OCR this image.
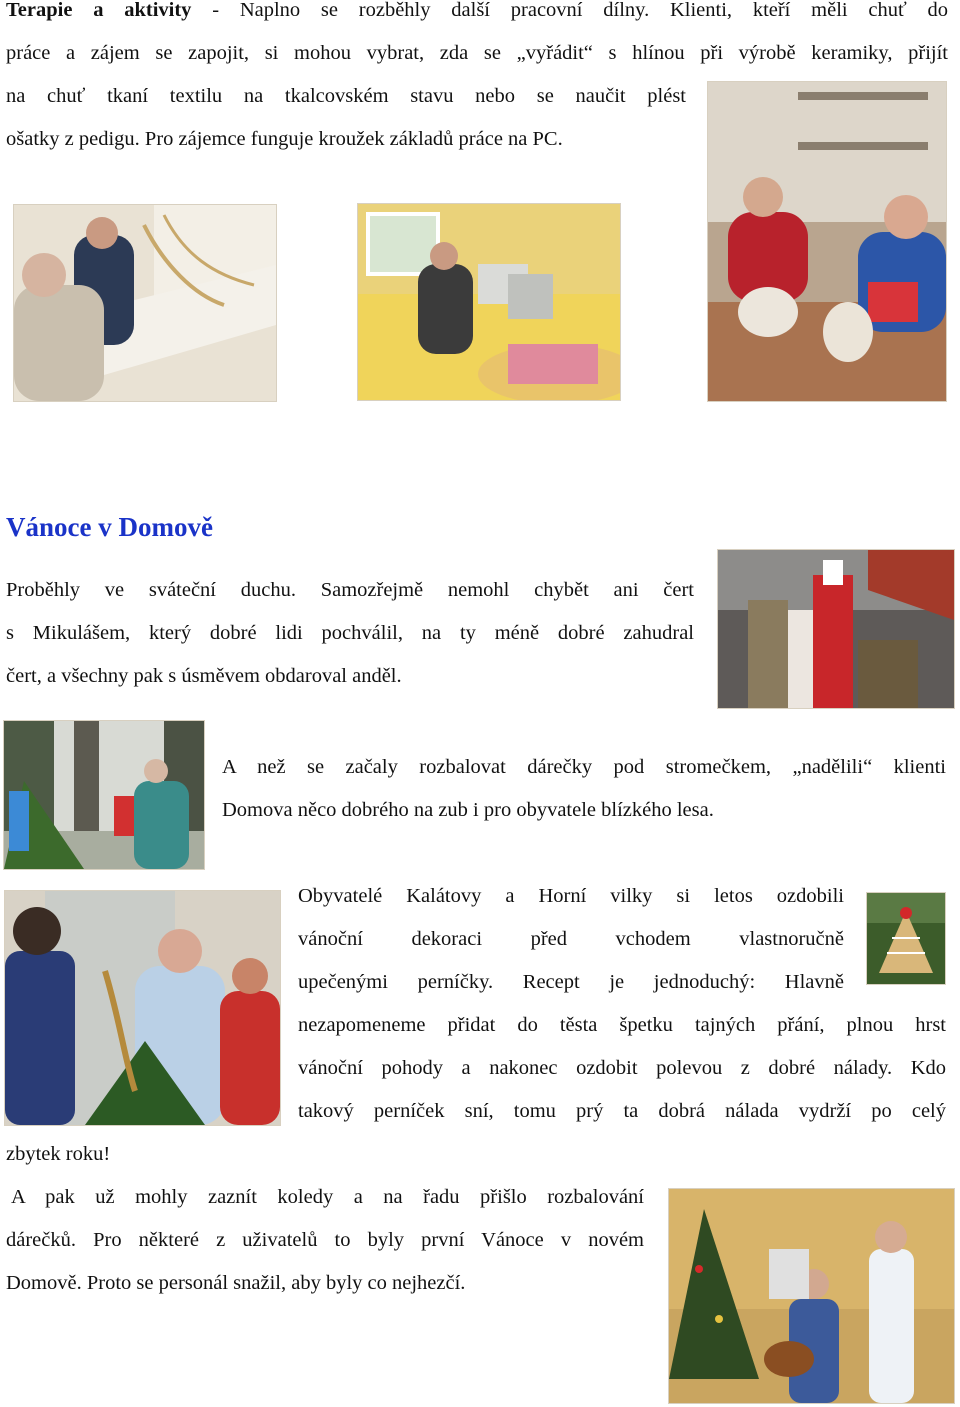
Terapie a aktivity - Naplno se rozběhly další pracovní dílny. Klienti, kteří měli chuť do

práce a zájem se zapojit, si mohou vybrat, zda se „vyřádit“ s hlínou při výrobě keramiky, přijít

na chuť tkaní textilu na tkalcovském stavu nebo se naučit plést

ošatky z pedigu. Pro zájemce funguje kroužek základů práce na PC.

Vánoce v Domově

Proběhly ve sváteční duchu. Samozřejmě nemohl chybět ani čert

s Mikulášem, který dobré lidi pochválil, na ty méně dobré zahudral

čert, a všechny pak s úsměvem obdaroval anděl.

A než se začaly rozbalovat dárečky pod stromečkem, „nadělili“ klienti

Domova něco dobrého na zub i pro obyvatele blízkého lesa.

Obyvatelé Kalátovy a Horní vilky si letos ozdobili

vánoční dekoraci před vchodem vlastnoručně

upečenými perníčky. Recept je jednoduchý: Hlavně

nezapomeneme přidat do těsta špetku tajných přání, plnou hrst

vánoční pohody a nakonec ozdobit polevou z dobré nálady. Kdo

takový perníček sní, tomu prý ta dobrá nálada vydrží po celý

zbytek roku!

A pak už mohly zaznít koledy a na řadu přišlo rozbalování

dárečků. Pro některé z uživatelů to byly první Vánoce v novém

Domově. Proto se personál snažil, aby byly co nejhezčí.
